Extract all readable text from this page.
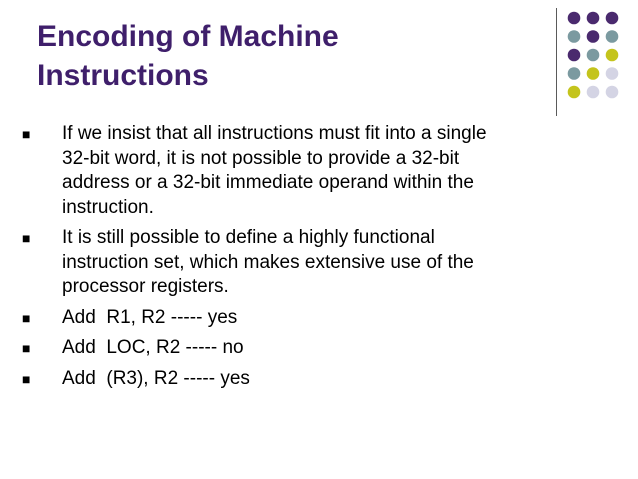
Encoding of Machine
Instructions
■	If we insist that all instructions must fit into a single
32-bit word, it is not possible to provide a 32-bit
address or a 32-bit immediate operand within the
instruction.
■	It is still possible to define a highly functional
instruction set, which makes extensive use of the
processor registers.
■	Add  R1, R2 ----- yes
■	Add  LOC, R2 ----- no
■	Add  (R3), R2 ----- yes
